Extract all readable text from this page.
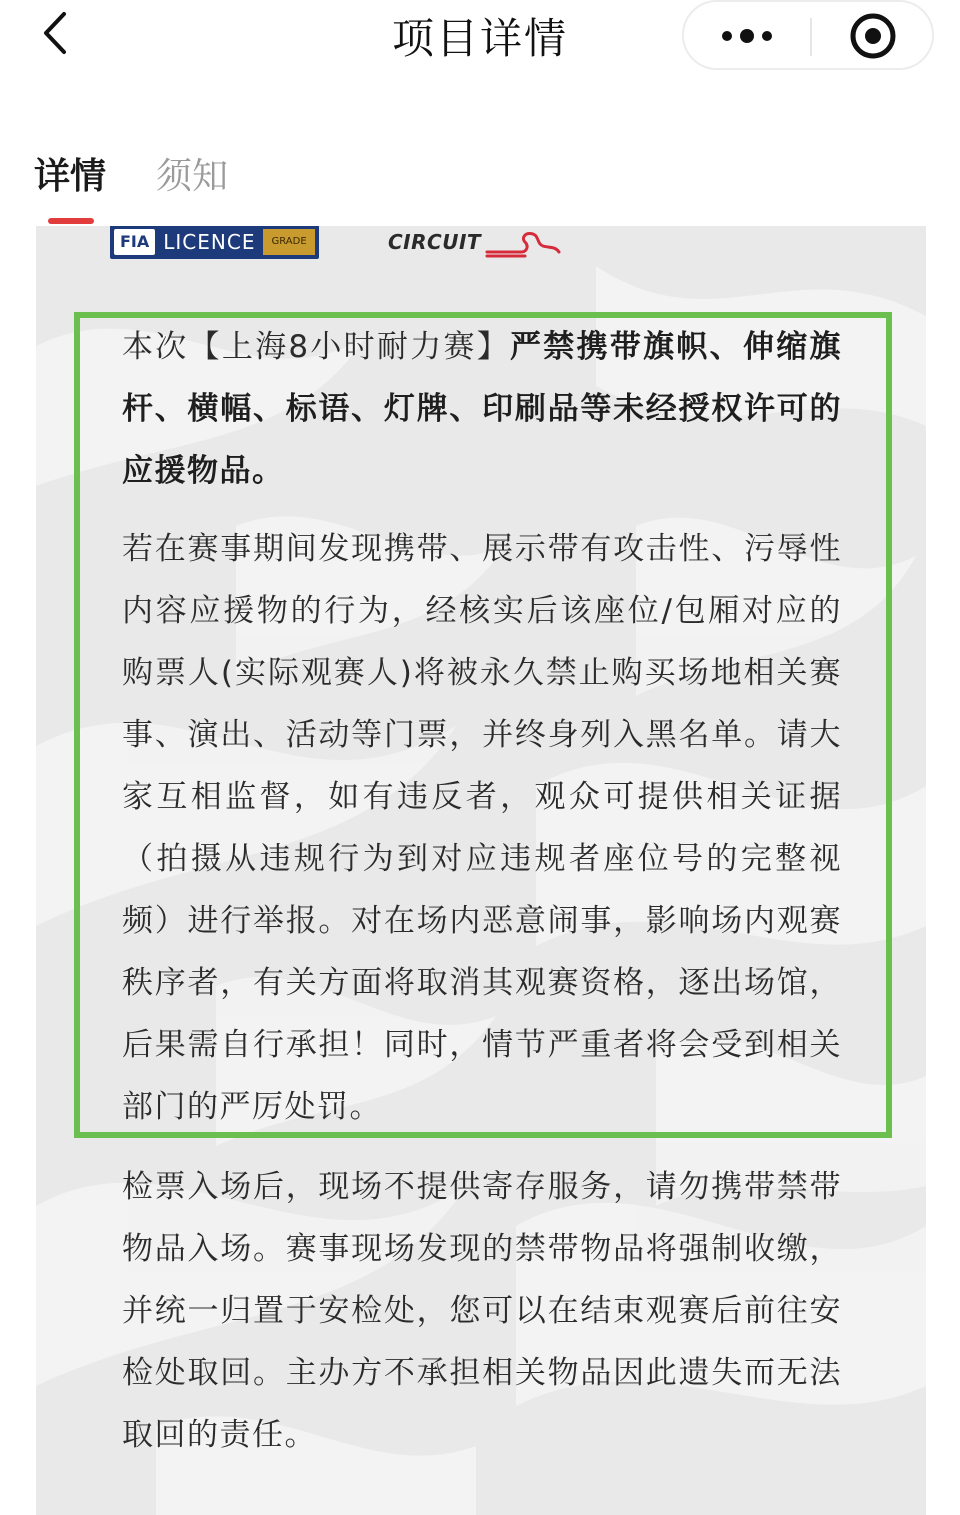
项目详情
详情 须知
FIA LICENCE	GRADE	CIRCUIT
本次【上海8小时耐力赛】严禁携带旗帜、伸缩旗杆、横幅、标语、灯牌、印刷品等未经授权许可的应援物品。
若在赛事期间发现携带、展示带有攻击性、污辱性内容应援物的行为，经核实后该座位/包厢对应的购票人(实际观赛人)将被永久禁止购买场地相关赛事、演出、活动等门票，并终身列入黑名单。请大家互相监督，如有违反者，观众可提供相关证据（拍摄从违规行为到对应违规者座位号的完整视频）进行举报。对在场内恶意闹事，影响场内观赛秩序者，有关方面将取消其观赛资格，逐出场馆，后果需自行承担！同时，情节严重者将会受到相关部门的严厉处罚。
检票入场后，现场不提供寄存服务，请勿携带禁带物品入场。赛事现场发现的禁带物品将强制收缴，并统一归置于安检处，您可以在结束观赛后前往安检处取回。主办方不承担相关物品因此遗失而无法取回的责任。
